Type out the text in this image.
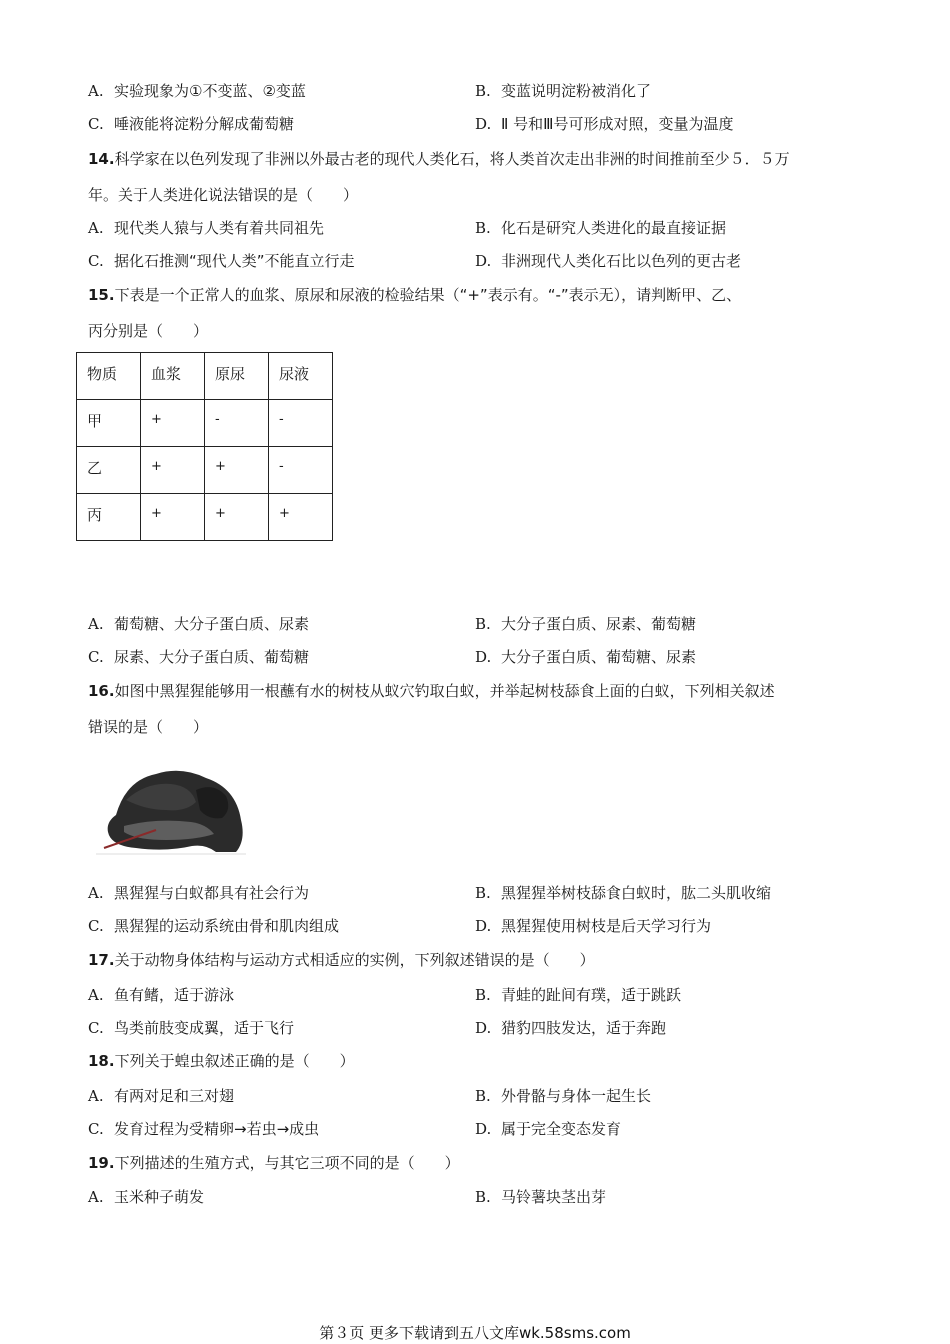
A. 实验现象为①不变蓝、②变蓝	B. 变蓝说明淀粉被消化了
C. 唾液能将淀粉分解成葡萄糖	D. Ⅱ 号和Ⅲ号可形成对照，变量为温度
14.科学家在以色列发现了非洲以外最古老的现代人类化石，将人类首次走出非洲的时间推前至少５．５万
年。关于人类进化说法错误的是（　　）
A. 现代类人猿与人类有着共同祖先	B. 化石是研究人类进化的最直接证据
C. 据化石推测“现代人类”不能直立行走	D. 非洲现代人类化石比以色列的更古老
15.下表是一个正常人的血浆、原尿和尿液的检验结果（“+”表示有。“-”表示无），请判断甲、乙、
丙分别是（　　）
物质	血浆	原尿	尿液
甲	+	-	-
乙	+	+	-
丙	+	+	+
A. 葡萄糖、大分子蛋白质、尿素	B. 大分子蛋白质、尿素、葡萄糖
C. 尿素、大分子蛋白质、葡萄糖	D. 大分子蛋白质、葡萄糖、尿素
16.如图中黑猩猩能够用一根蘸有水的树枝从蚁穴钓取白蚁，并举起树枝舔食上面的白蚁，下列相关叙述
错误的是（　　）
A. 黑猩猩与白蚁都具有社会行为	B. 黑猩猩举树枝舔食白蚁时，肱二头肌收缩
C. 黑猩猩的运动系统由骨和肌肉组成	D. 黑猩猩使用树枝是后天学习行为
17.关于动物身体结构与运动方式相适应的实例，下列叙述错误的是（　　）
A. 鱼有鳍，适于游泳	B. 青蛙的趾间有璞，适于跳跃
C. 鸟类前肢变成翼，适于飞行	D. 猎豹四肢发达，适于奔跑
18.下列关于蝗虫叙述正确的是（　　）
A. 有两对足和三对翅	B. 外骨骼与身体一起生长
C. 发育过程为受精卵→若虫→成虫	D. 属于完全变态发育
19.下列描述的生殖方式，与其它三项不同的是（　　）
A. 玉米种子萌发	B. 马铃薯块茎出芽
第３页 更多下载请到五八文库wk.58sms.com
